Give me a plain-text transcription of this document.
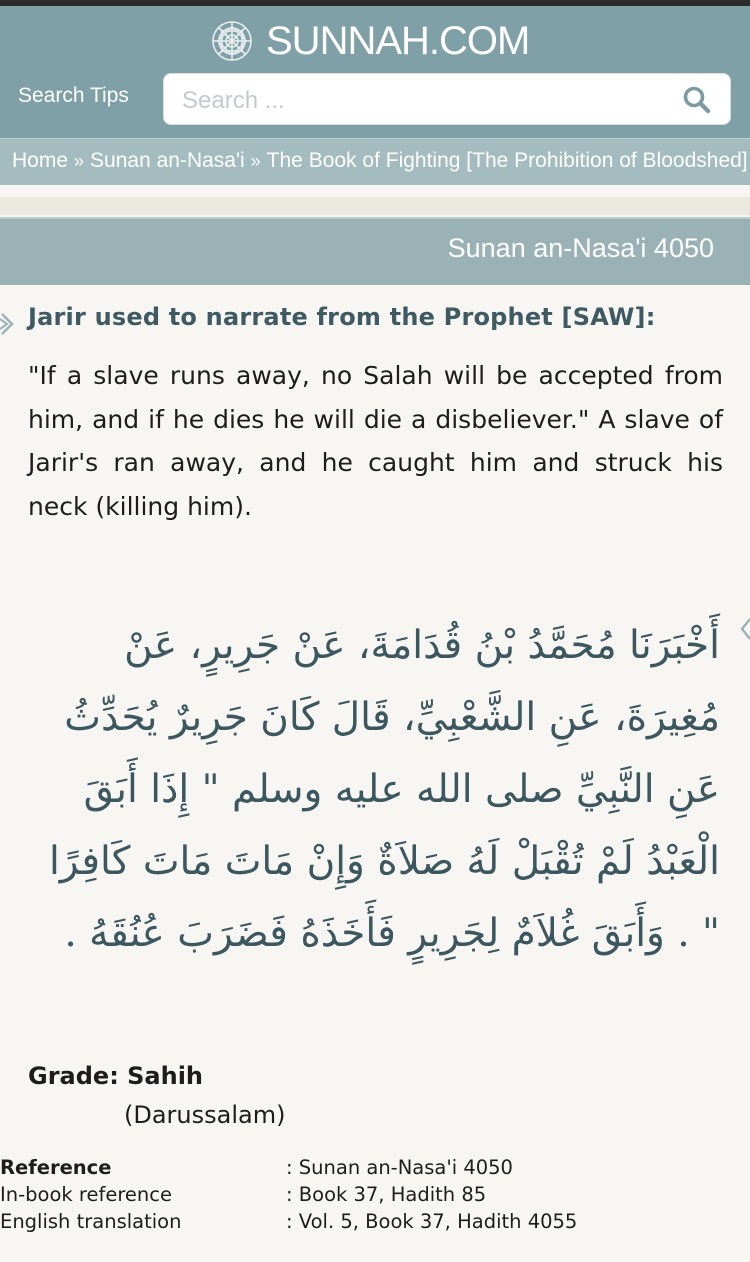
SUNNAH.COM
Search Tips
Search ...
Home » Sunan an-Nasa'i » The Book of Fighting [The Prohibition of Bloodshed]
Sunan an-Nasa'i 4050
Jarir used to narrate from the Prophet [SAW]:
"If a slave runs away, no Salah will be accepted from him, and if he dies he will die a disbeliever." A slave of Jarir's ran away, and he caught him and struck his neck (killing him).
أَخْبَرَنَا مُحَمَّدُ بْنُ قُدَامَةَ، عَنْ جَرِيرٍ، عَنْ مُغِيرَةَ، عَنِ الشَّعْبِيِّ، قَالَ كَانَ جَرِيرٌ يُحَدِّثُ عَنِ النَّبِيِّ صلى الله عليه وسلم " إِذَا أَبَقَ الْعَبْدُ لَمْ تُقْبَلْ لَهُ صَلاَةٌ وَإِنْ مَاتَ مَاتَ كَافِرًا " . وَأَبَقَ غُلاَمٌ لِجَرِيرٍ فَأَخَذَهُ فَضَرَبَ عُنُقَهُ .
Grade: Sahih
(Darussalam)
Reference	: Sunan an-Nasa'i 4050
In-book reference	: Book 37, Hadith 85
English translation	: Vol. 5, Book 37, Hadith 4055
